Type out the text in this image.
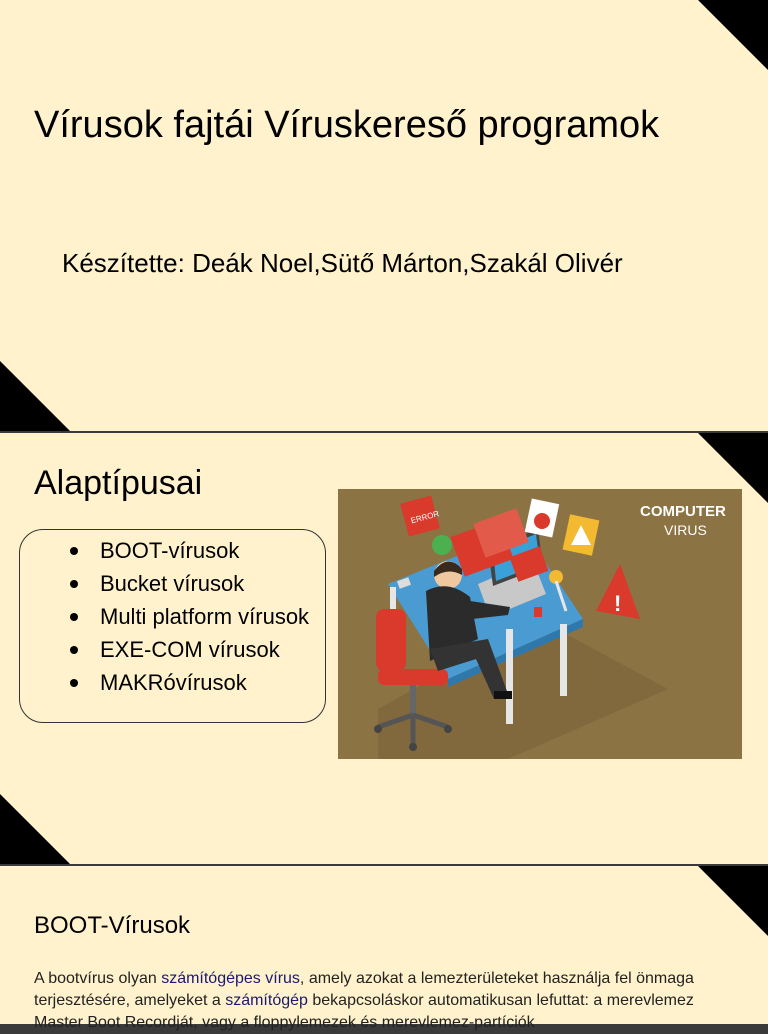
Vírusok fajtái Víruskereső programok
Készítette: Deák Noel,Sütő Márton,Szakál Olivér
Alaptípusai
BOOT-vírusok
Bucket vírusok
Multi platform vírusok
EXE-COM vírusok
MAKRóvírusok
ERROR
!
COMPUTER
VIRUS
BOOT-Vírusok
A bootvírus olyan számítógépes vírus, amely azokat a lemezterületeket használja fel önmaga terjesztésére, amelyeket a számítógép bekapcsoláskor automatikusan lefuttat: a merevlemez Master Boot Recordját, vagy a floppylemezek és merevlemez-partíciók
